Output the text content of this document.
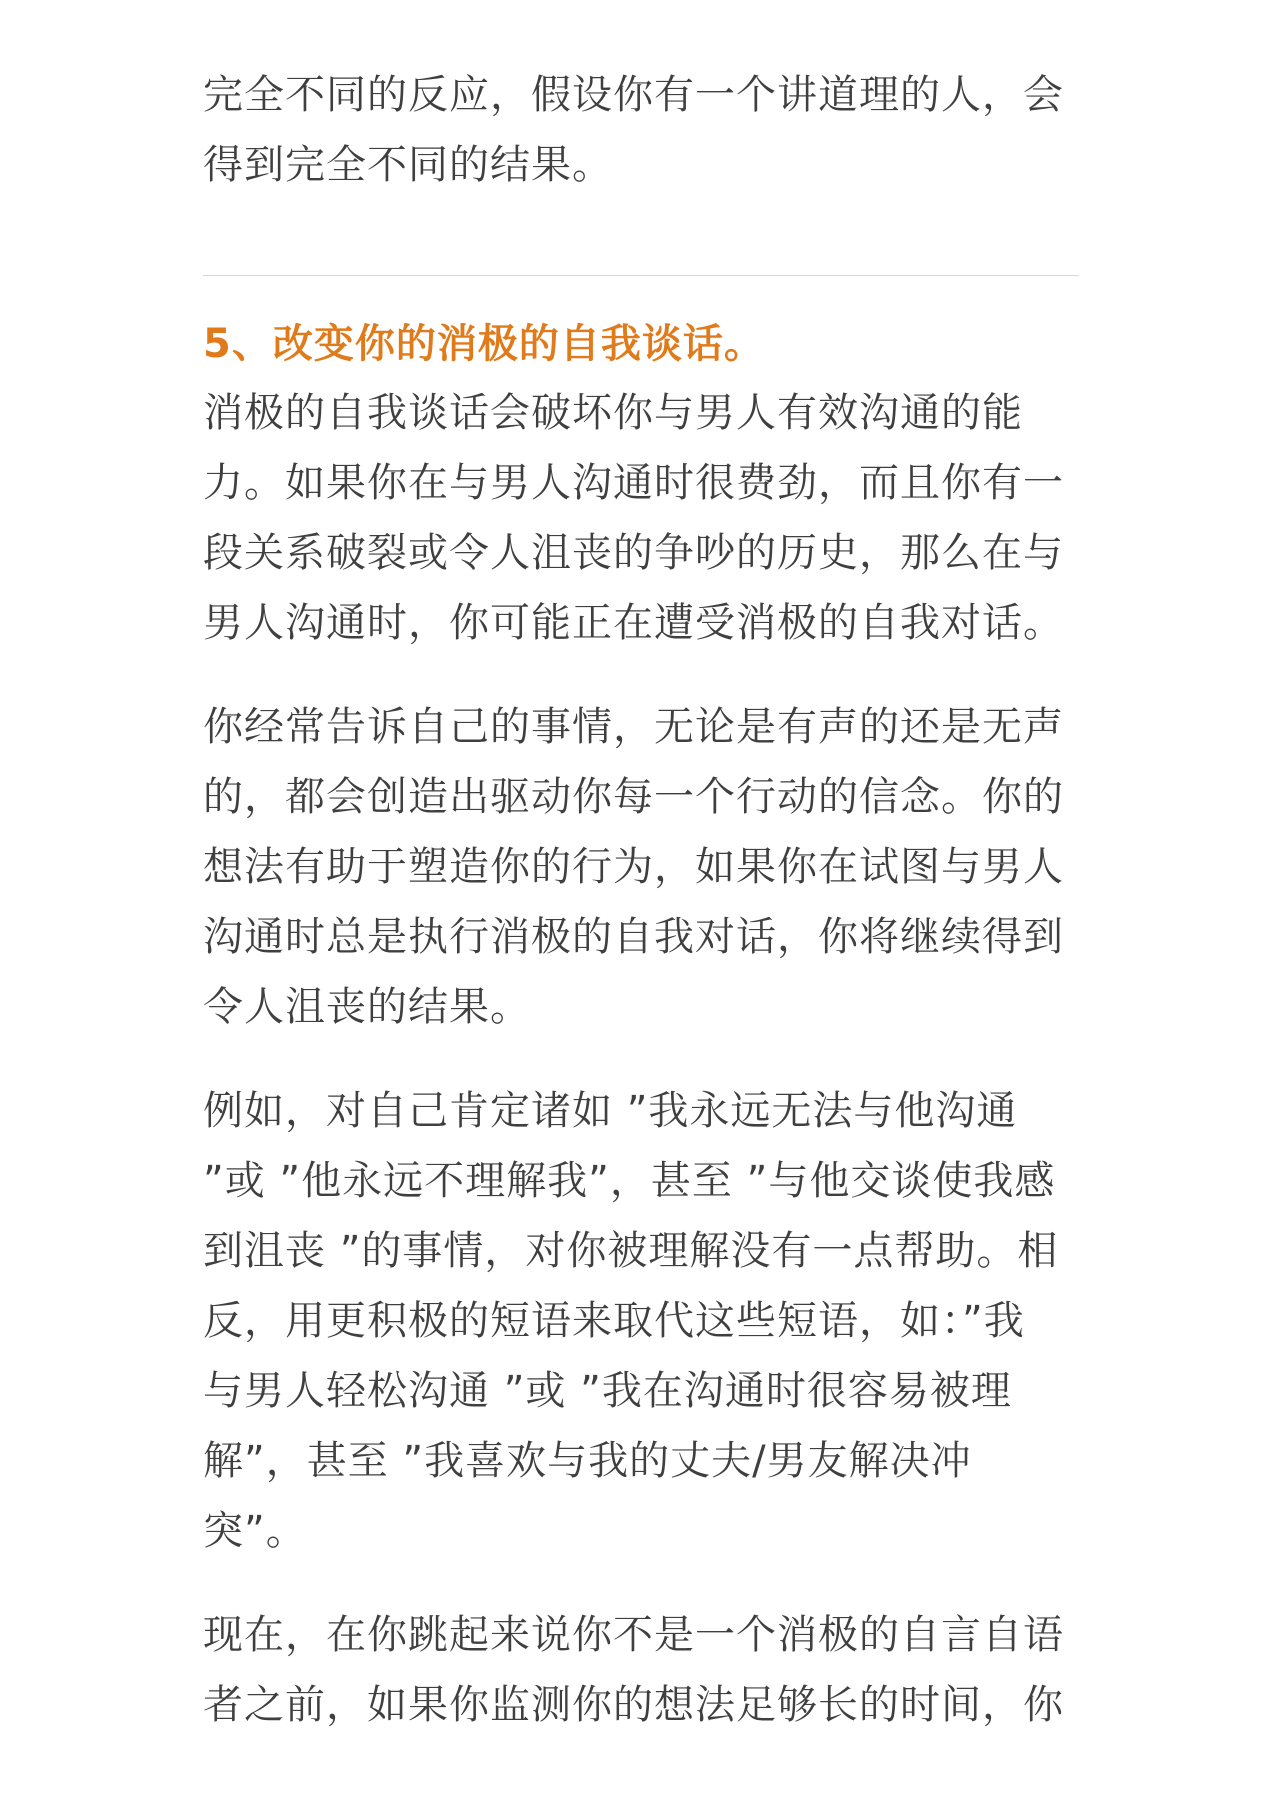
完全不同的反应，假设你有一个讲道理的人，会
得到完全不同的结果。

5、改变你的消极的自我谈话。

消极的自我谈话会破坏你与男人有效沟通的能
力。如果你在与男人沟通时很费劲，而且你有一
段关系破裂或令人沮丧的争吵的历史，那么在与
男人沟通时，你可能正在遭受消极的自我对话。

你经常告诉自己的事情，无论是有声的还是无声
的，都会创造出驱动你每一个行动的信念。你的
想法有助于塑造你的行为，如果你在试图与男人
沟通时总是执行消极的自我对话，你将继续得到
令人沮丧的结果。

例如，对自己肯定诸如 ”我永远无法与他沟通
”或 ”他永远不理解我”，甚至 ”与他交谈使我感
到沮丧 ”的事情，对你被理解没有一点帮助。相
反，用更积极的短语来取代这些短语，如：”我
与男人轻松沟通 ”或 ”我在沟通时很容易被理
解”，甚至 ”我喜欢与我的丈夫/男友解决冲
突”。

现在，在你跳起来说你不是一个消极的自言自语
者之前，如果你监测你的想法足够长的时间，你
